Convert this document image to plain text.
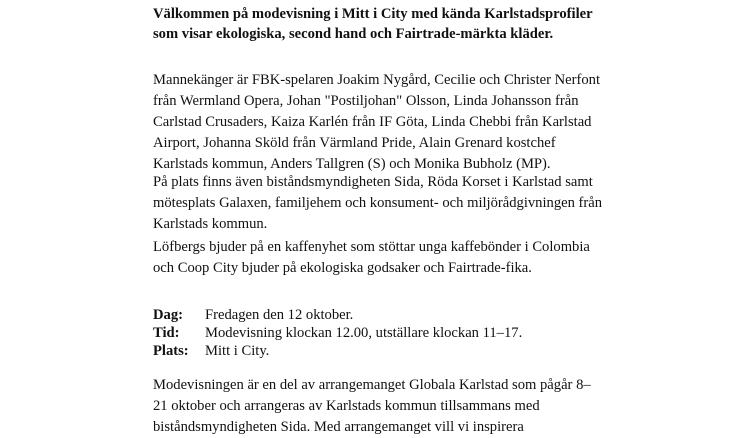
Välkommen på modevisning i Mitt i City med kända Karlstadsprofiler
som visar ekologiska, second hand och Fairtrade-märkta kläder.
Mannekänger är FBK-spelaren Joakim Nygård, Cecilie och Christer Nerfont
från Wermland Opera, Johan "Postiljohan" Olsson, Linda Johansson från
Carlstad Crusaders, Kaiza Karlén från IF Göta, Linda Chebbi från Karlstad
Airport, Johanna Sköld från Värmland Pride, Alain Grenard kostchef
Karlstads kommun, Anders Tallgren (S) och Monika Bubholz (MP).
På plats finns även biståndsmyndigheten Sida, Röda Korset i Karlstad samt
mötesplats Galaxen, familjehem och konsument- och miljörådgivningen från
Karlstads kommun.
Löfbergs bjuder på en kaffenyhet som stöttar unga kaffebönder i Colombia
och Coop City bjuder på ekologiska godsaker och Fairtrade-fika.
Dag:	Fredagen den 12 oktober.
Tid:	Modevisning klockan 12.00, utställare klockan 11–17.
Plats:	Mitt i City.
Modevisningen är en del av arrangemanget Globala Karlstad som pågår 8–
21 oktober och arrangeras av Karlstads kommun tillsammans med
biståndsmyndigheten Sida. Med arrangemanget vill vi inspirera
